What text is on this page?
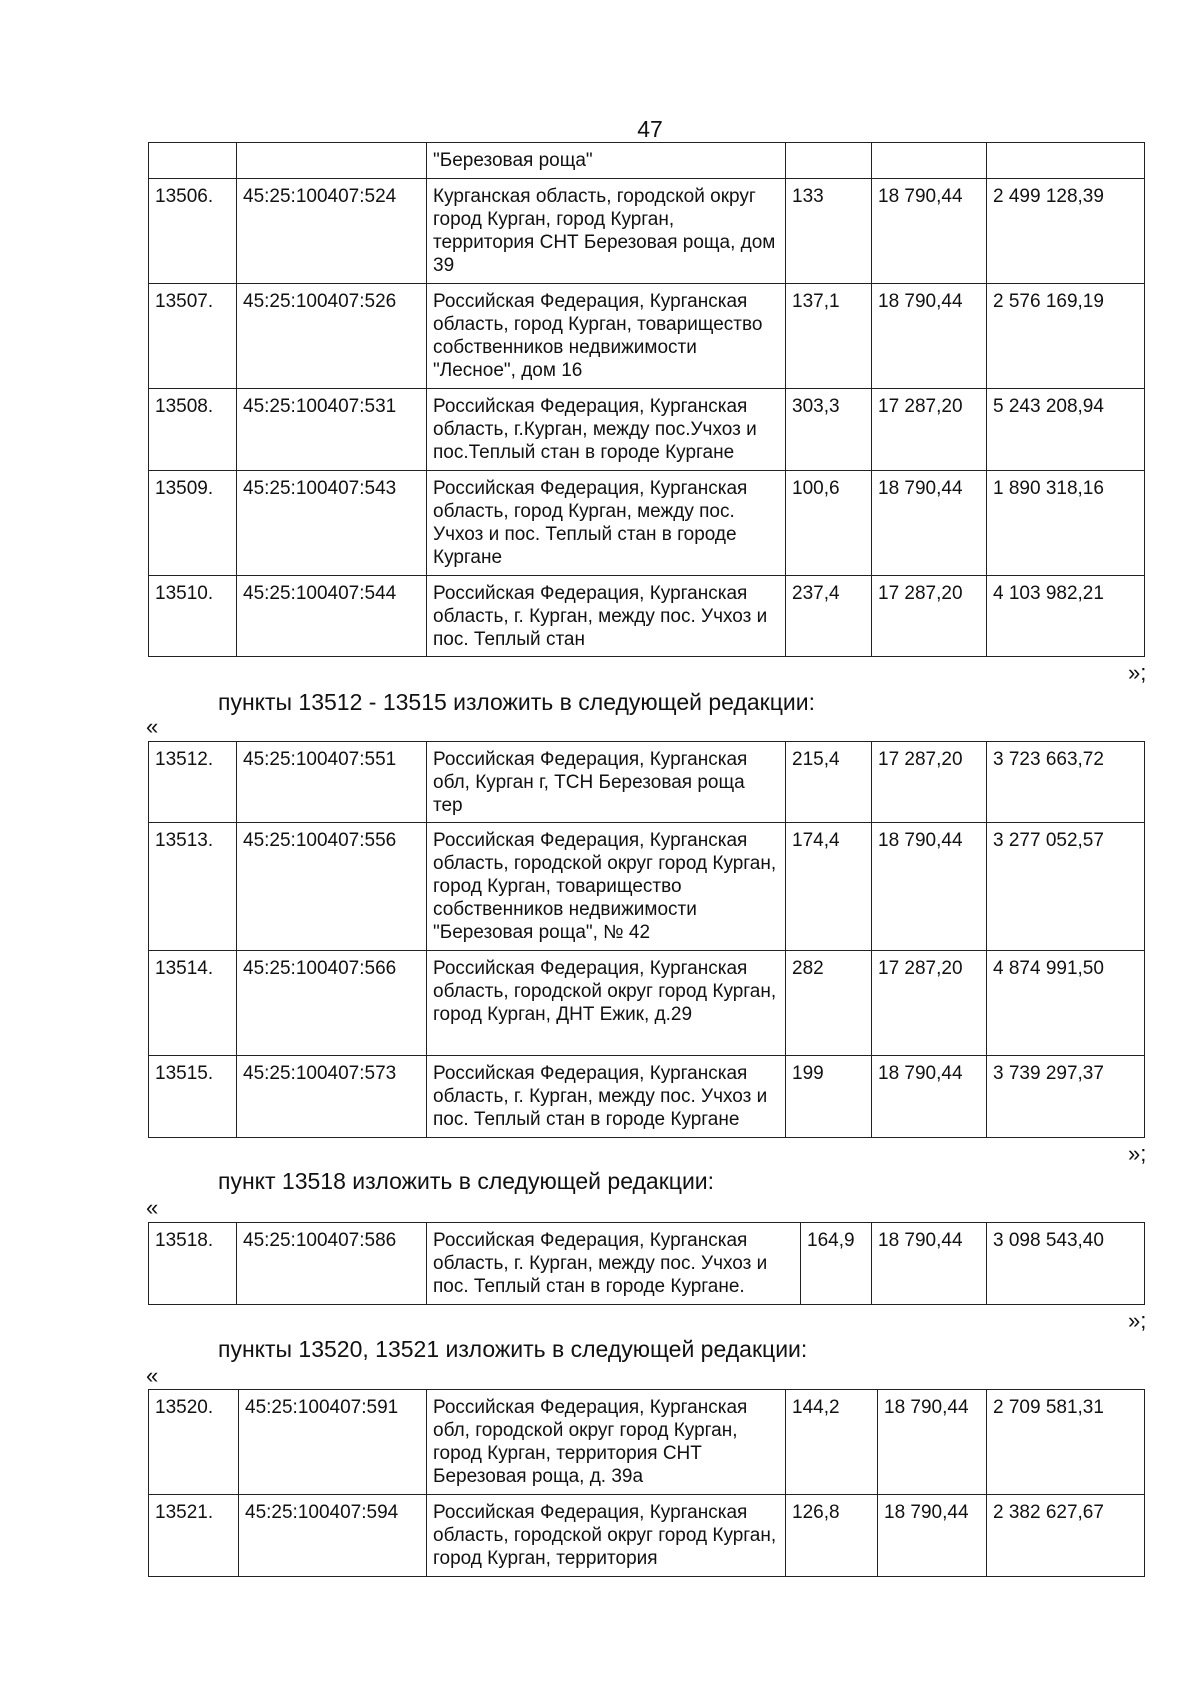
47
		"Березовая роща"			
13506.	45:25:100407:524	Курганская область, городской округ город Курган, город Курган, территория СНТ Березовая роща, дом 39	133	18 790,44	2 499 128,39
13507.	45:25:100407:526	Российская Федерация, Курганская область, город Курган, товарищество собственников недвижимости "Лесное", дом 16	137,1	18 790,44	2 576 169,19
13508.	45:25:100407:531	Российская Федерация, Курганская область, г.Курган, между пос.Учхоз и пос.Теплый стан в городе Кургане	303,3	17 287,20	5 243 208,94
13509.	45:25:100407:543	Российская Федерация, Курганская область, город Курган, между пос. Учхоз и пос. Теплый стан в городе Кургане	100,6	18 790,44	1 890 318,16
13510.	45:25:100407:544	Российская Федерация, Курганская область, г. Курган, между пос. Учхоз и пос. Теплый стан	237,4	17 287,20	4 103 982,21
»;
пункты 13512 - 13515 изложить в следующей редакции:
«
13512.	45:25:100407:551	Российская Федерация, Курганская обл, Курган г, ТСН Березовая роща тер	215,4	17 287,20	3 723 663,72
13513.	45:25:100407:556	Российская Федерация, Курганская область, городской округ город Курган, город Курган, товарищество собственников недвижимости "Березовая роща", № 42	174,4	18 790,44	3 277 052,57
13514.	45:25:100407:566	Российская Федерация, Курганская область, городской округ город Курган, город Курган, ДНТ Ежик, д.29	282	17 287,20	4 874 991,50
13515.	45:25:100407:573	Российская Федерация, Курганская область, г. Курган, между пос. Учхоз и пос. Теплый стан в городе Кургане	199	18 790,44	3 739 297,37
»;
пункт 13518 изложить в следующей редакции:
«
13518.	45:25:100407:586	Российская Федерация, Курганская область, г. Курган, между пос. Учхоз и пос. Теплый стан в городе Кургане.	164,9	18 790,44	3 098 543,40
»;
пункты 13520, 13521 изложить в следующей редакции:
«
13520.	45:25:100407:591	Российская Федерация, Курганская обл, городской округ город Курган, город Курган, территория СНТ Березовая роща, д. 39а	144,2	18 790,44	2 709 581,31
13521.	45:25:100407:594	Российская Федерация, Курганская область, городской округ город Курган, город Курган, территория	126,8	18 790,44	2 382 627,67
